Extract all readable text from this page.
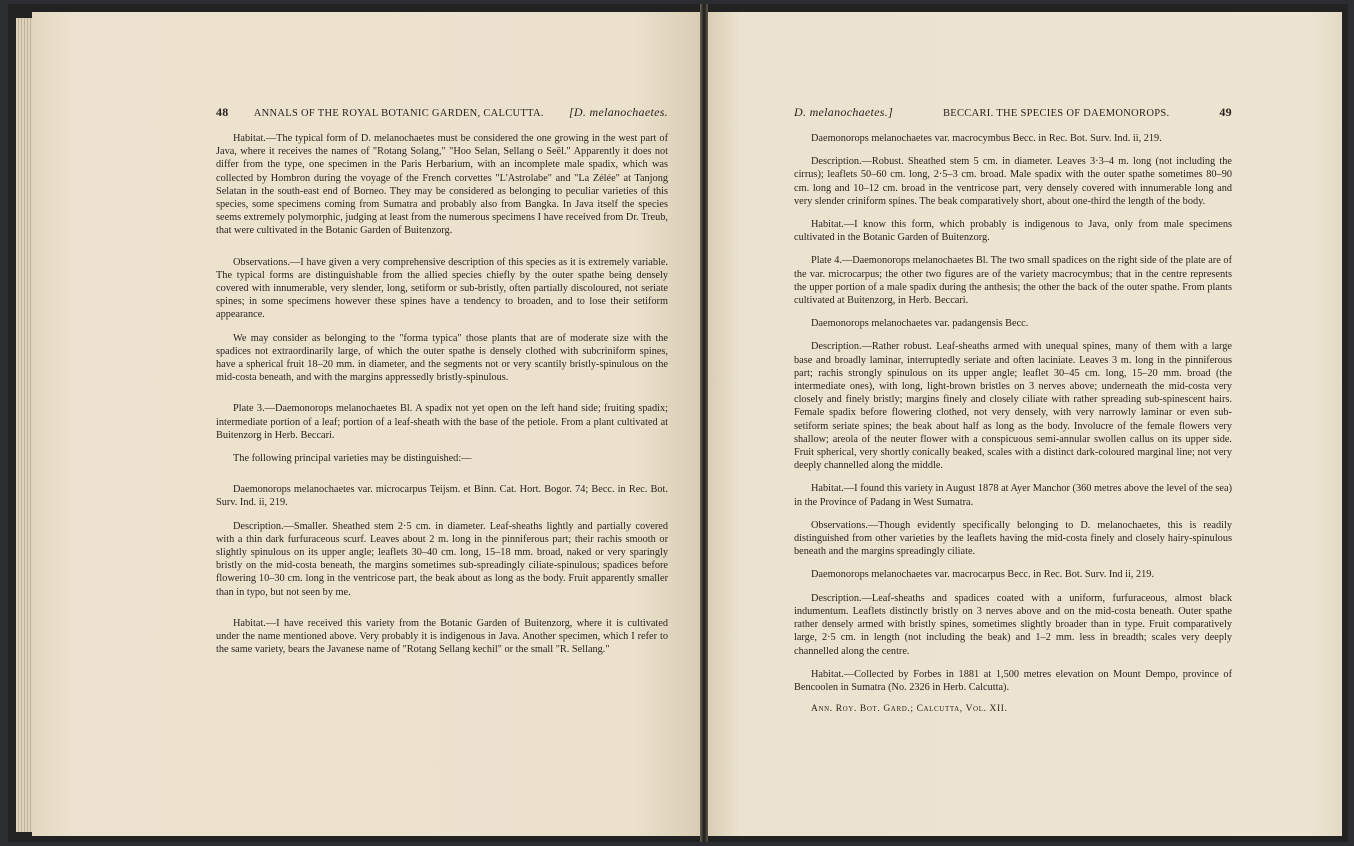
48 ANNALS OF THE ROYAL BOTANIC GARDEN, CALCUTTA. [D. melanochaetes.

Habitat.—The typical form of D. melanochaetes must be considered the one growing in the west part of Java, where it receives the names of "Rotang Solang," "Hoo Selan, Sellang o Seël." Apparently it does not differ from the type, one specimen in the Paris Herbarium, with an incomplete male spadix, which was collected by Hombron during the voyage of the French corvettes "L'Astrolabe" and "La Zélée" at Tanjong Selatan in the south-east end of Borneo. They may be considered as belonging to peculiar varieties of this species, some specimens coming from Sumatra and probably also from Bangka. In Java itself the species seems extremely polymorphic, judging at least from the numerous specimens I have received from Dr. Treub, that were cultivated in the Botanic Garden of Buitenzorg.

Observations.—I have given a very comprehensive description of this species as it is extremely variable. The typical forms are distinguishable from the allied species chiefly by the outer spathe being densely covered with innumerable, very slender, long, setiform or sub-bristly, often partially discoloured, not seriate spines; in some specimens however these spines have a tendency to broaden, and to lose their setiform appearance.

We may consider as belonging to the "forma typica" those plants that are of moderate size with the spadices not extraordinarily large, of which the outer spathe is densely clothed with subcriniform spines, have a spherical fruit 18–20 mm. in diameter, and the segments not or very scantily bristly-spinulous on the mid-costa beneath, and with the margins appressedly bristly-spinulous.

Plate 3.—Daemonorops melanochaetes Bl. A spadix not yet open on the left hand side; fruiting spadix; intermediate portion of a leaf; portion of a leaf-sheath with the base of the petiole. From a plant cultivated at Buitenzorg in Herb. Beccari.

The following principal varieties may be distinguished:—

Daemonorops melanochaetes var. microcarpus Teijsm. et Binn. Cat. Hort. Bogor. 74; Becc. in Rec. Bot. Surv. Ind. ii, 219.

Description.—Smaller. Sheathed stem 2·5 cm. in diameter. Leaf-sheaths lightly and partially covered with a thin dark furfuraceous scurf. Leaves about 2 m. long in the pinniferous part; their rachis smooth or slightly spinulous on its upper angle; leaflets 30–40 cm. long, 15–18 mm. broad, naked or very sparingly bristly on the mid-costa beneath, the margins sometimes sub-spreadingly ciliate-spinulous; spadices before flowering 10–30 cm. long in the ventricose part, the beak about as long as the body. Fruit apparently smaller than in typo, but not seen by me.

Habitat.—I have received this variety from the Botanic Garden of Buitenzorg, where it is cultivated under the name mentioned above. Very probably it is indigenous in Java. Another specimen, which I refer to the same variety, bears the Javanese name of "Rotang Sellang kechil" or the small "R. Sellang."

D. melanochaetes.]	BECCARI. THE SPECIES OF DAEMONOROPS.	49

Daemonorops melanochaetes var. macrocymbus Becc. in Rec. Bot. Surv. Ind. ii, 219.

Description.—Robust. Sheathed stem 5 cm. in diameter. Leaves 3·3–4 m. long (not including the cirrus); leaflets 50–60 cm. long, 2·5–3 cm. broad. Male spadix with the outer spathe sometimes 80–90 cm. long and 10–12 cm. broad in the ventricose part, very densely covered with innumerable long and very slender criniform spines. The beak comparatively short, about one-third the length of the body.

Habitat.—I know this form, which probably is indigenous to Java, only from male specimens cultivated in the Botanic Garden of Buitenzorg.

Plate 4.—Daemonorops melanochaetes Bl. The two small spadices on the right side of the plate are of the var. microcarpus; the other two figures are of the variety macrocymbus; that in the centre represents the upper portion of a male spadix during the anthesis; the other the back of the outer spathe. From plants cultivated at Buitenzorg, in Herb. Beccari.

Daemonorops melanochaetes var. padangensis Becc.

Description.—Rather robust. Leaf-sheaths armed with unequal spines, many of them with a large base and broadly laminar, interruptedly seriate and often laciniate. Leaves 3 m. long in the pinniferous part; rachis strongly spinulous on its upper angle; leaflet 30–45 cm. long, 15–20 mm. broad (the intermediate ones), with long, light-brown bristles on 3 nerves above; underneath the mid-costa very closely and finely bristly; margins finely and closely ciliate with rather spreading sub-spinescent hairs. Female spadix before flowering clothed, not very densely, with very narrowly laminar or even sub-setiform seriate spines; the beak about half as long as the body. Involucre of the female flowers very shallow; areola of the neuter flower with a conspicuous semi-annular swollen callus on its upper side. Fruit spherical, very shortly conically beaked, scales with a distinct dark-coloured marginal line; not very deeply channelled along the middle.

Habitat.—I found this variety in August 1878 at Ayer Manchor (360 metres above the level of the sea) in the Province of Padang in West Sumatra.

Observations.—Though evidently specifically belonging to D. melanochaetes, this is readily distinguished from other varieties by the leaflets having the mid-costa finely and closely hairy-spinulous beneath and the margins spreadingly ciliate.

Daemonorops melanochaetes var. macrocarpus Becc. in Rec. Bot. Surv. Ind ii, 219.

Description.—Leaf-sheaths and spadices coated with a uniform, furfuraceous, almost black indumentum. Leaflets distinctly bristly on 3 nerves above and on the mid-costa beneath. Outer spathe rather densely armed with bristly spines, sometimes slightly broader than in type. Fruit comparatively large, 2·5 cm. in length (not including the beak) and 1–2 mm. less in breadth; scales very deeply channelled along the centre.

Habitat.—Collected by Forbes in 1881 at 1,500 metres elevation on Mount Dempo, province of Bencoolen in Sumatra (No. 2326 in Herb. Calcutta).

Ann. Roy. Bot. Gard.; Calcutta, Vol. XII.
